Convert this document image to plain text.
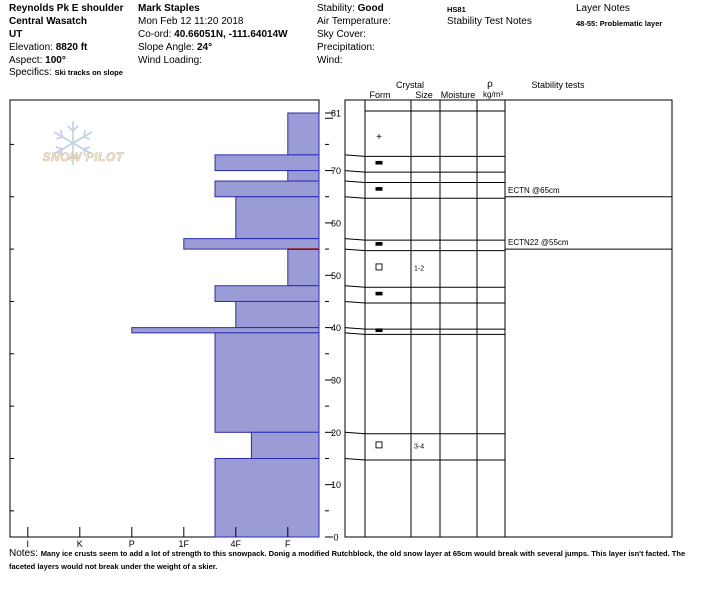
Reynolds Pk E shoulder
Central Wasatch
UT
Elevation: 8820 ft
Aspect: 100°
Specifics: Ski tracks on slope
Mark Staples
Mon Feb 12 11:20 2018
Co-ord: 40.66051N, -111.64014W
Slope Angle: 24°
Wind Loading:
Stability: Good
Air Temperature:
Sky Cover:
Precipitation:
Wind:
HS81
Stability Test Notes
Layer Notes
48-55: Problematic layer
SNOW PILOT
I	K	P	1F	4F	F
0
10
20
30
40
50
60
70
81
Crystal
Form	Size Moisture
ρ
kg/m³
Stability tests
+
1-2
3-4
ECTN @65cm
ECTN22 @55cm
Notes: Many ice crusts seem to add a lot of strength to this snowpack. Donig a modified Rutchblock, the old snow layer at 65cm would break with several jumps. This layer isn't facted. The faceted layers would not break under the weight of a skier.
